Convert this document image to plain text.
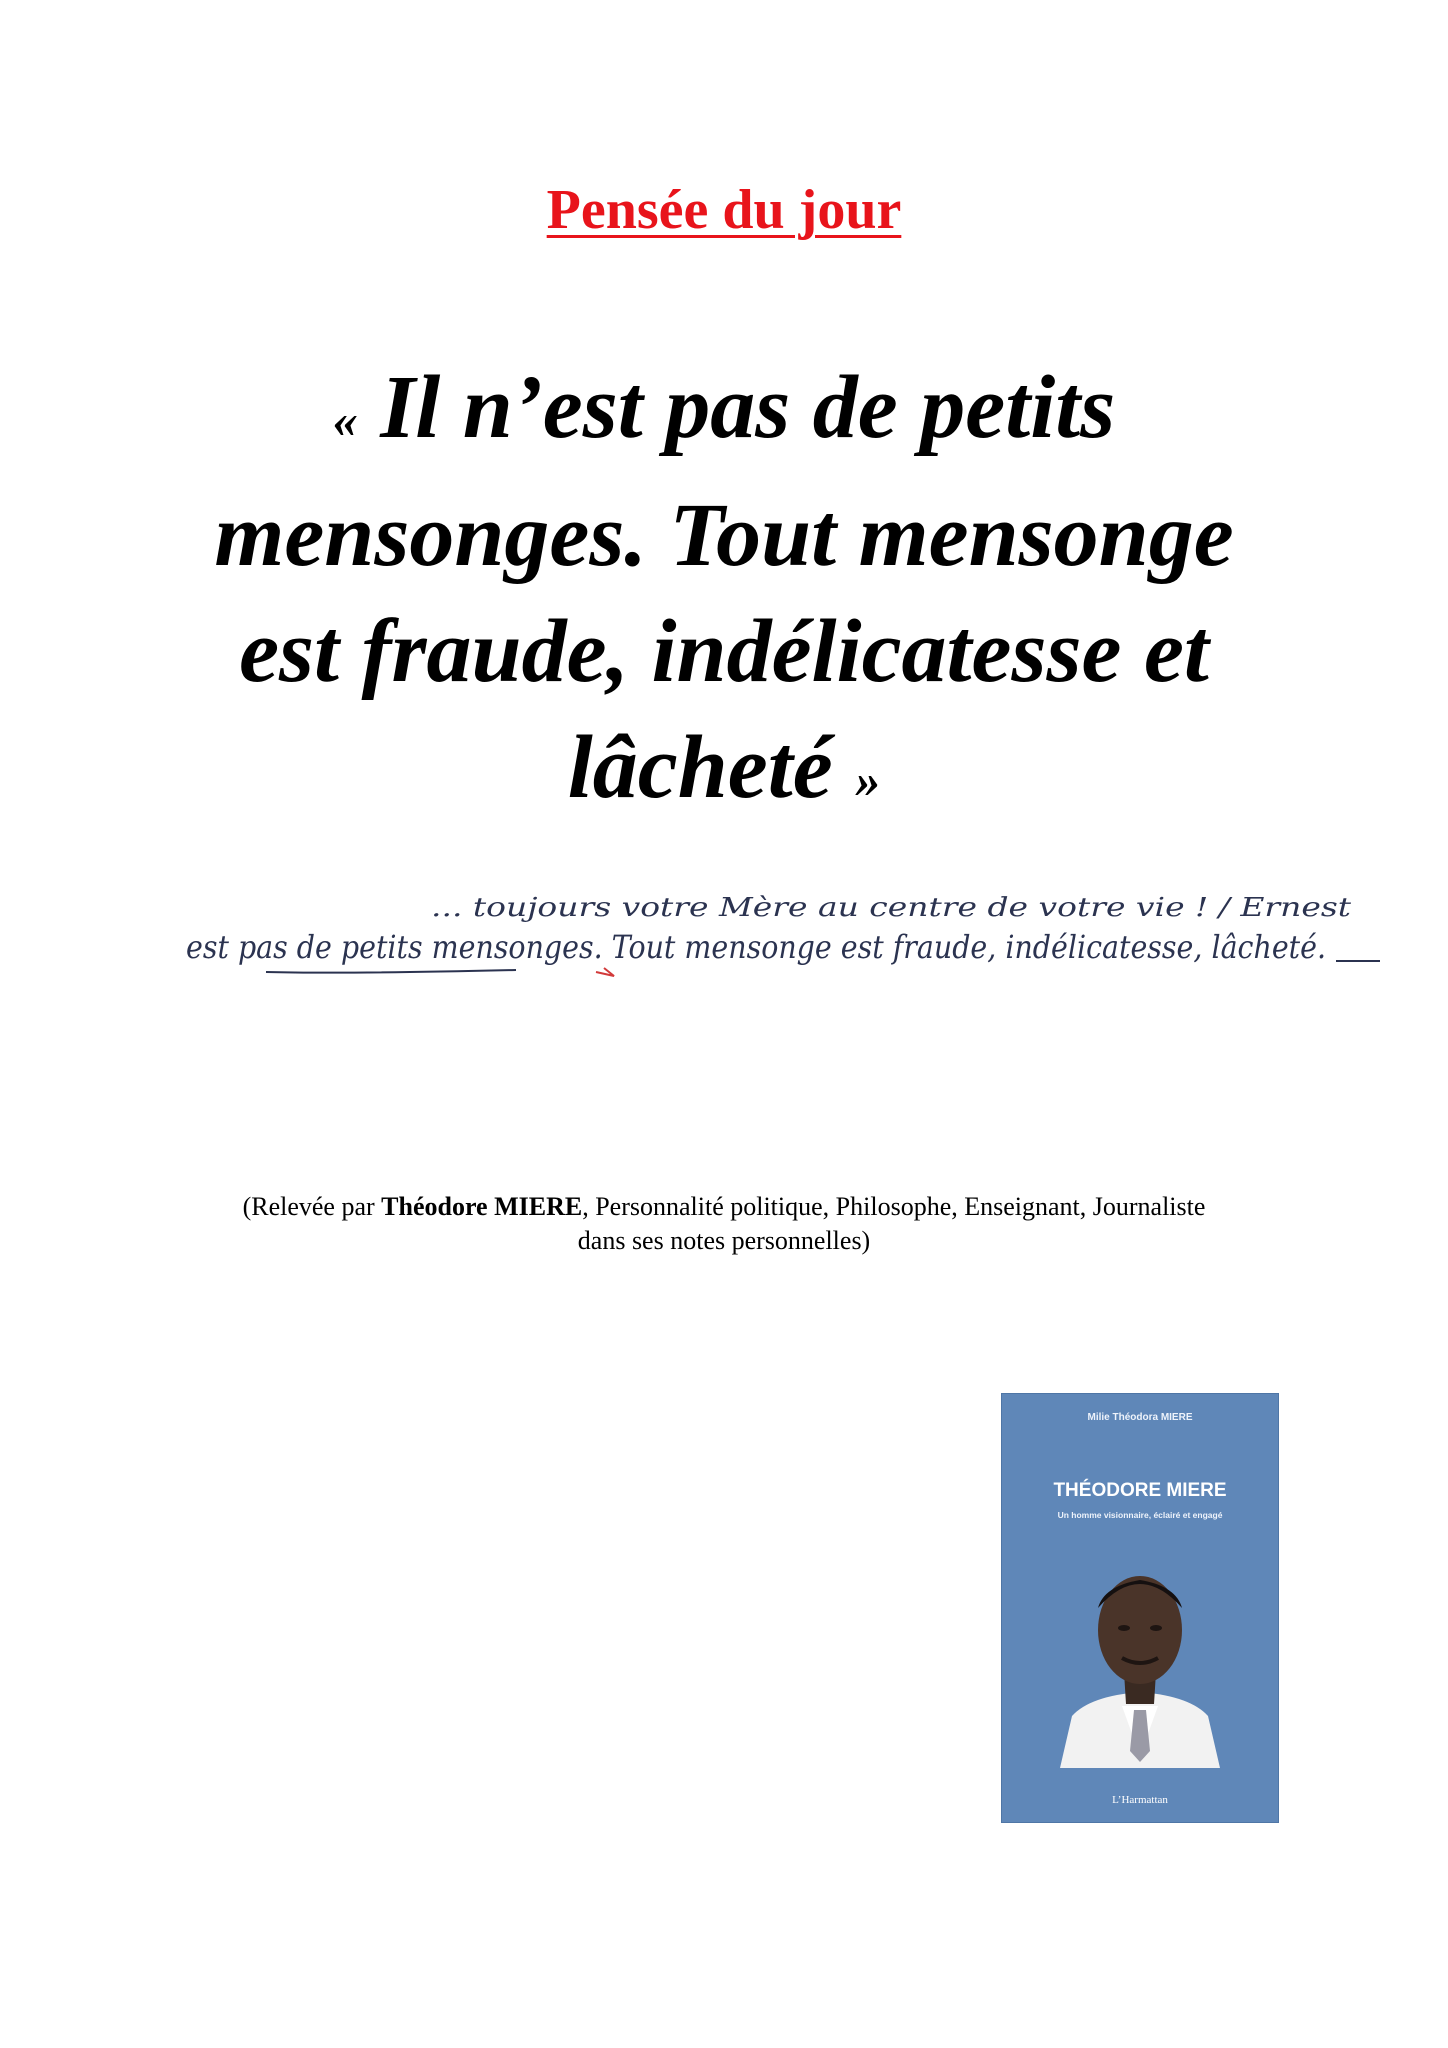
Pensée du jour

« Il n’est pas de petits mensonges. Tout mensonge est fraude, indélicatesse et lâcheté »

... toujours votre Mère au centre de votre vie ! / Ernest
est pas de petits mensonges. Tout mensonge est fraude, indélicatesse, lâcheté.

(Relevée par Théodore MIERE, Personnalité politique, Philosophe, Enseignant, Journaliste
dans ses notes personnelles)

Milie Théodora MIERE
THÉODORE MIERE
Un homme visionnaire, éclairé et engagé
L’Harmattan
